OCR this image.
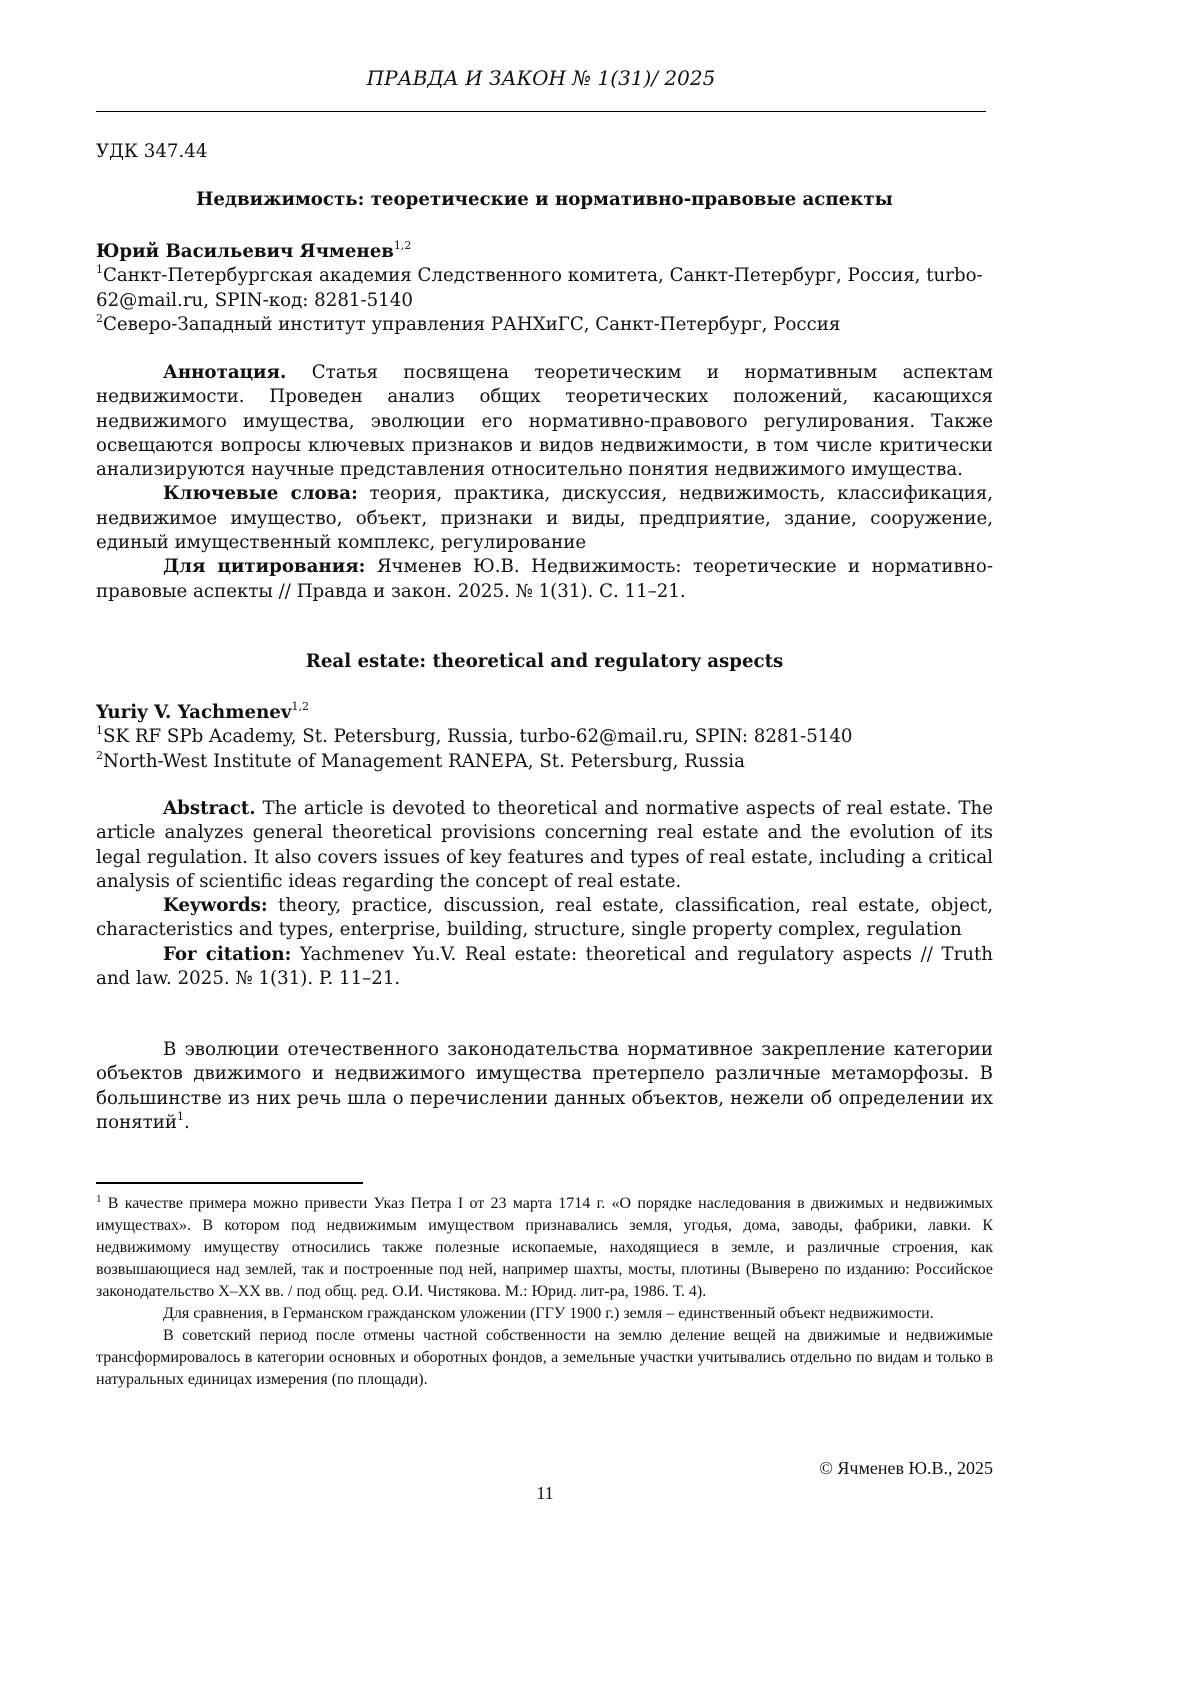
ПРАВДА И ЗАКОН № 1(31)/ 2025
УДК 347.44
Недвижимость: теоретические и нормативно-правовые аспекты

Юрий Васильевич Ячменев1,2

1Санкт-Петербургская академия Следственного комитета, Санкт-Петербург, Россия, turbo-62@mail.ru, SPIN-код: 8281-5140

2Северо-Западный институт управления РАНХиГС, Санкт-Петербург, Россия

Аннотация. Статья посвящена теоретическим и нормативным аспектам недвижимости. Проведен анализ общих теоретических положений, касающихся недвижимого имущества, эволюции его нормативно-правового регулирования. Также освещаются вопросы ключевых признаков и видов недвижимости, в том числе критически анализируются научные представления относительно понятия недвижимого имущества.

Ключевые слова: теория, практика, дискуссия, недвижимость, классификация, недвижимое имущество, объект, признаки и виды, предприятие, здание, сооружение, единый имущественный комплекс, регулирование

Для цитирования: Ячменев Ю.В. Недвижимость: теоретические и нормативно-правовые аспекты // Правда и закон. 2025. № 1(31). С. 11–21.

Real estate: theoretical and regulatory aspects

Yuriy V. Yachmenev1,2

1SK RF SPb Academy, St. Petersburg, Russia, turbo-62@mail.ru, SPIN: 8281-5140

2North-West Institute of Management RANEPA, St. Petersburg, Russia

Abstract. The article is devoted to theoretical and normative aspects of real estate. The article analyzes general theoretical provisions concerning real estate and the evolution of its legal regulation. It also covers issues of key features and types of real estate, including a critical analysis of scientific ideas regarding the concept of real estate.

Keywords: theory, practice, discussion, real estate, classification, real estate, object, characteristics and types, enterprise, building, structure, single property complex, regulation

For citation: Yachmenev Yu.V. Real estate: theoretical and regulatory aspects // Truth and law. 2025. № 1(31). P. 11–21.

В эволюции отечественного законодательства нормативное закрепление категории объектов движимого и недвижимого имущества претерпело различные метаморфозы. В большинстве из них речь шла о перечислении данных объектов, нежели об определении их понятий1.

1 В качестве примера можно привести Указ Петра I от 23 марта 1714 г. «О порядке наследования в движимых и недвижимых имуществах». В котором под недвижимым имуществом признавались земля, угодья, дома, заводы, фабрики, лавки. К недвижимому имуществу относились также полезные ископаемые, находящиеся в земле, и различные строения, как возвышающиеся над землей, так и построенные под ней, например шахты, мосты, плотины (Выверено по изданию: Российское законодательство X–XX вв. / под общ. ред. О.И. Чистякова. М.: Юрид. лит-ра, 1986. Т. 4).

Для сравнения, в Германском гражданском уложении (ГГУ 1900 г.) земля – единственный объект недвижимости.

В советский период после отмены частной собственности на землю деление вещей на движимые и недвижимые трансформировалось в категории основных и оборотных фондов, а земельные участки учитывались отдельно по видам и только в натуральных единицах измерения (по площади).

© Ячменев Ю.В., 2025
11
